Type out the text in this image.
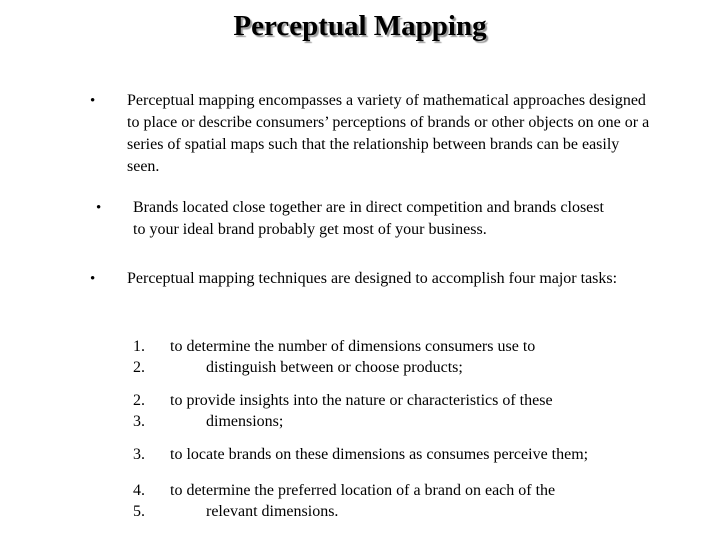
Perceptual Mapping
• Perceptual mapping encompasses a variety of mathematical approaches designed to place or describe consumers’ perceptions of brands or other objects on one or a series of spatial maps such that the relationship between brands can be easily seen.
• Brands located close together are in direct competition and brands closest to your ideal brand probably get most of your business.
• Perceptual mapping techniques are designed to accomplish four major tasks:
1.
2.
to determine the number of dimensions consumers use to
distinguish between or choose products;
2.
3.
to provide insights into the nature or characteristics of these
dimensions;
3.	to locate brands on these dimensions as consumes perceive them;
4.
5.
to determine the preferred location of a brand on each of the
relevant dimensions.
